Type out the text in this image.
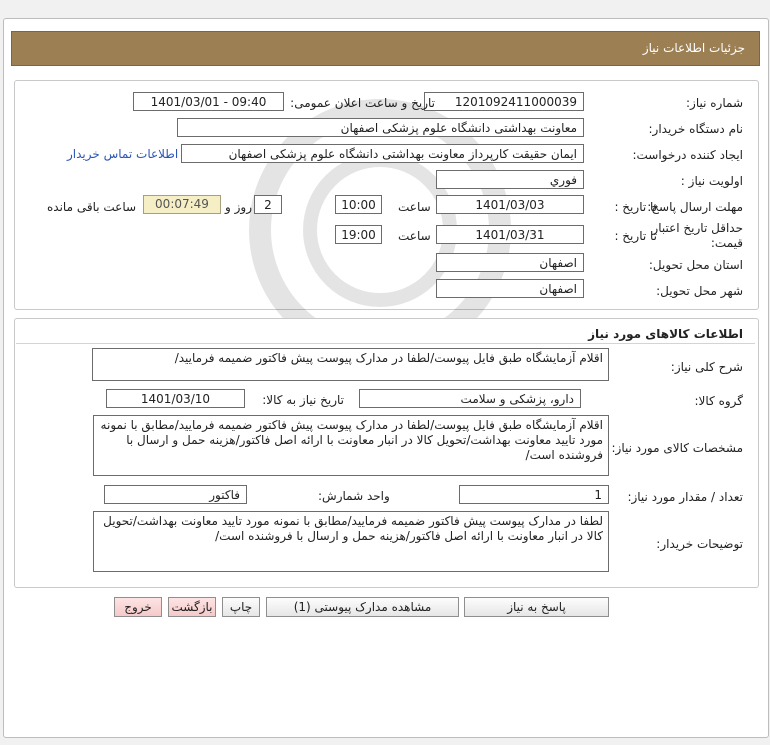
جزئیات اطلاعات نیاز
شماره نیاز:
1201092411000039
تاریخ و ساعت اعلان عمومی:
1401/03/01 - 09:40
نام دستگاه خریدار:
معاونت بهداشتی دانشگاه علوم پزشکی اصفهان
ایجاد کننده درخواست:
ایمان حقیقت کارپرداز معاونت بهداشتی دانشگاه علوم پزشکی اصفهان
اطلاعات تماس خریدار
اولویت نیاز :
فوري
مهلت ارسال پاسخ:
تا تاریخ :
1401/03/03
ساعت
10:00
2
روز و
00:07:49
ساعت باقی مانده
حداقل تاریخ اعتبار
قیمت:
تا تاریخ :
1401/03/31
ساعت
19:00
استان محل تحویل:
اصفهان
شهر محل تحویل:
اصفهان
اطلاعات کالاهای مورد نیاز
شرح کلی نیاز:
اقلام آزمایشگاه طبق فایل پیوست/لطفا در مدارک پیوست پیش فاکتور ضمیمه فرمایید/
گروه کالا:
دارو، پزشکی و سلامت
تاریخ نیاز به کالا:
1401/03/10
مشخصات کالای مورد نیاز:
اقلام آزمایشگاه طبق فایل پیوست/لطفا در مدارک پیوست پیش فاکتور ضمیمه فرمایید/مطابق با نمونه مورد تایید معاونت بهداشت/تحویل کالا در انبار معاونت با ارائه اصل فاکتور/هزینه حمل و ارسال با فروشنده است/
تعداد / مقدار مورد نیاز:
1
واحد شمارش:
فاکتور
توضیحات خریدار:
لطفا در مدارک پیوست پیش فاکتور ضمیمه فرمایید/مطابق با نمونه مورد تایید معاونت بهداشت/تحویل کالا در انبار معاونت با ارائه اصل فاکتور/هزینه حمل و ارسال با فروشنده است/
پاسخ به نیاز
مشاهده مدارک پیوستی (1)
چاپ
بازگشت
خروج
